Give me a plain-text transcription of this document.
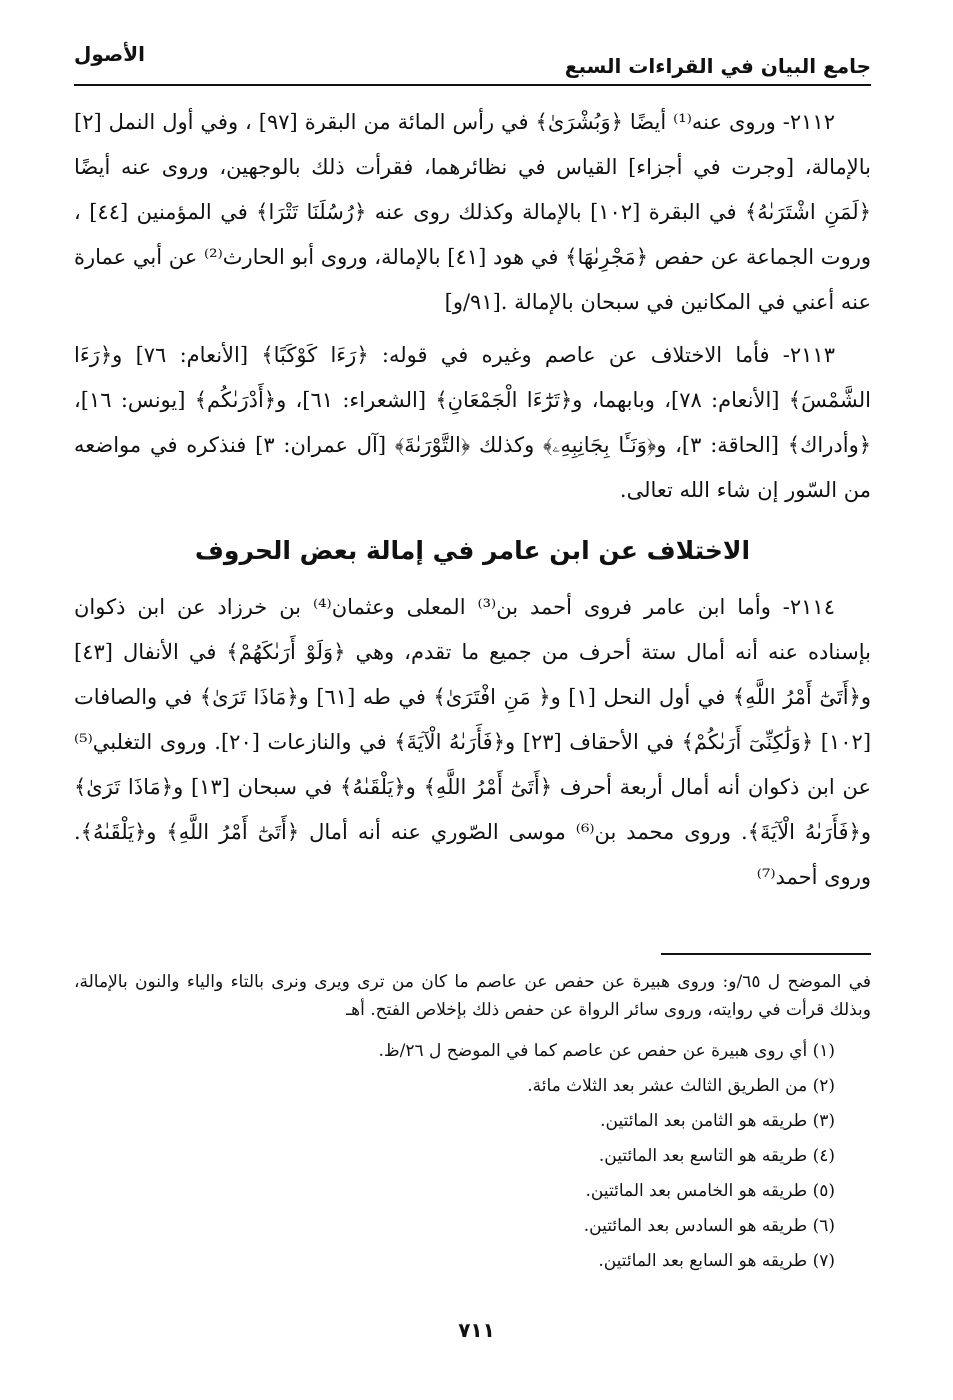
جامع البيان في القراءات السبع
الأصول

٢١١٢- وروى عنه⁽¹⁾ أيضًا ﴿وَبُشْرَىٰ﴾ في رأس المائة من البقرة [٩٧] ، وفي أول النمل [٢] بالإمالة، [وجرت في أجزاء] القياس في نظائرهما، فقرأت ذلك بالوجهين، وروى عنه أيضًا ﴿لَمَنِ اشْتَرَىٰهُ﴾ في البقرة [١٠٢] بالإمالة وكذلك روى عنه ﴿رُسُلَنَا تَتْرَا﴾ في المؤمنين [٤٤] ، وروت الجماعة عن حفص ﴿مَجْرِىٰهَا﴾ في هود [٤١] بالإمالة، وروى أبو الحارث⁽²⁾ عن أبي عمارة عنه أعني في المكانين في سبحان بالإمالة .[٩١/و]

٢١١٣- فأما الاختلاف عن عاصم وغيره في قوله: ﴿رَءَا كَوْكَبًا﴾ [الأنعام: ٧٦] و﴿رَءَا الشَّمْسَ﴾ [الأنعام: ٧٨]، وبابهما، و﴿تَرَٰٓءَا الْجَمْعَانِ﴾ [الشعراء: ٦١]، و﴿أَدْرَىٰكُم﴾ [يونس: ١٦]، ﴿وأدراك﴾ [الحاقة: ٣]، و﴿وَنَـَٔا بِجَانِبِهِۦ﴾ وكذلك ﴿التَّوْرَىٰةَ﴾ [آل عمران: ٣] فنذكره في مواضعه من السّور إن شاء الله تعالى.

الاختلاف عن ابن عامر في إمالة بعض الحروف

٢١١٤- وأما ابن عامر فروى أحمد بن⁽³⁾ المعلى وعثمان⁽⁴⁾ بن خرزاد عن ابن ذكوان بإسناده عنه أنه أمال ستة أحرف من جميع ما تقدم، وهي ﴿وَلَوْ أَرَىٰكَهُمْ﴾ في الأنفال [٤٣] و﴿أَتَىٰٓ أَمْرُ اللَّهِ﴾ في أول النحل [١] و﴿ مَنِ افْتَرَىٰ﴾ في طه [٦١] و﴿مَاذَا تَرَىٰ﴾ في والصافات [١٠٢] ﴿وَلَٰكِنِّىٓ أَرَىٰكُمْ﴾ في الأحقاف [٢٣] و﴿فَأَرَىٰهُ الْآيَةَ﴾ في والنازعات [٢٠]. وروى التغلبي⁽⁵⁾ عن ابن ذكوان أنه أمال أربعة أحرف ﴿أَتَىٰٓ أَمْرُ اللَّهِ﴾ و﴿يَلْقَىٰهُ﴾ في سبحان [١٣] و﴿مَاذَا تَرَىٰ﴾ و﴿فَأَرَىٰهُ الْآيَةَ﴾. وروى محمد بن⁽⁶⁾ موسى الصّوري عنه أنه أمال ﴿أَتَىٰٓ أَمْرُ اللَّهِ﴾ و﴿يَلْقَىٰهُ﴾. وروى أحمد⁽⁷⁾

في الموضح ل ٦٥/و: وروى هبيرة عن حفص عن عاصم ما كان من ترى ويرى ونرى بالتاء والياء والنون بالإمالة، وبذلك قرأت في روايته، وروى سائر الرواة عن حفص ذلك بإخلاص الفتح. أهـ

(١) أي روى هبيرة عن حفص عن عاصم كما في الموضح ل ٢٦/ظ.
(٢) من الطريق الثالث عشر بعد الثلاث مائة.
(٣) طريقه هو الثامن بعد المائتين.
(٤) طريقه هو التاسع بعد المائتين.
(٥) طريقه هو الخامس بعد المائتين.
(٦) طريقه هو السادس بعد المائتين.
(٧) طريقه هو السابع بعد المائتين.
٧١١
